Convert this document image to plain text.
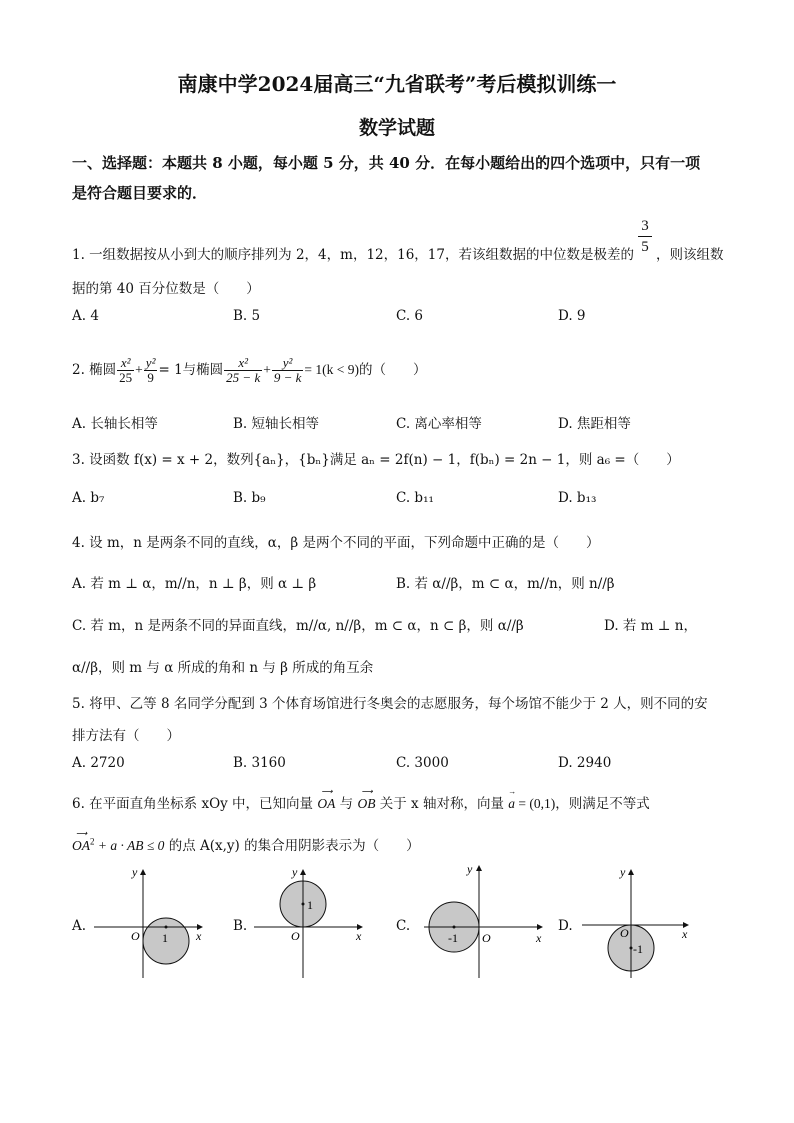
南康中学2024届高三“九省联考”考后模拟训练一
数学试题
一、选择题：本题共 8 小题，每小题 5 分，共 40 分．在每小题给出的四个选项中，只有一项
是符合题目要求的．
1. 一组数据按从小到大的顺序排列为 2，4，m，12，16，17，若该组数据的中位数是极差的 $\frac{3}{5}$ ，则该组数
据的第 40 百分位数是（　　）
A. 4	B. 5	C. 6	D. 9
2. 椭圆 $\frac{\text{x²}}{25} + \frac{\text{y²}}{9} = 1$与椭圆 $\frac{\text{x²}}{25 - k} + \frac{\text{y²}}{9 - k} = 1(k < 9)$的（　　）
A. 长轴长相等	B. 短轴长相等	C. 离心率相等	D. 焦距相等
3. 设函数 f(x) = x + 2，数列{aₙ}，{bₙ}满足 aₙ = 2f(n) − 1，f(bₙ) = 2n − 1，则 a₆ =（　　）
A. b₇	B. b₉	C. b₁₁	D. b₁₃
4. 设 m，n 是两条不同的直线，α，β 是两个不同的平面，下列命题中正确的是（　　）
A. 若 m ⊥ α，m//n，n ⊥ β，则 α ⊥ β	B. 若 α//β，m ⊂ α，m//n，则 n//β
C. 若 m，n 是两条不同的异面直线，m//α, n//β，m ⊂ α，n ⊂ β，则 α//β	D. 若 m ⊥ n，
α//β，则 m 与 α 所成的角和 n 与 β 所成的角互余
5. 将甲、乙等 8 名同学分配到 3 个体育场馆进行冬奥会的志愿服务，每个场馆不能少于 2 人，则不同的安
排方法有（　　）
A. 2720	B. 3160	C. 3000	D. 2940
6. 在平面直角坐标系 xOy 中，已知向量
⟶
OA 与
⟶
OB 关于 x 轴对称，向量
→
a = (0,1)，则满足不等式
⟶
$OA^2 + a$ · AB ≤ 0 的点 A(x,y) 的集合用阴影表示为（　　）
A.	B.	C.	D.
1 x
y
O
1
x
y
O	-1	x
y
O
-1
x
y
O
